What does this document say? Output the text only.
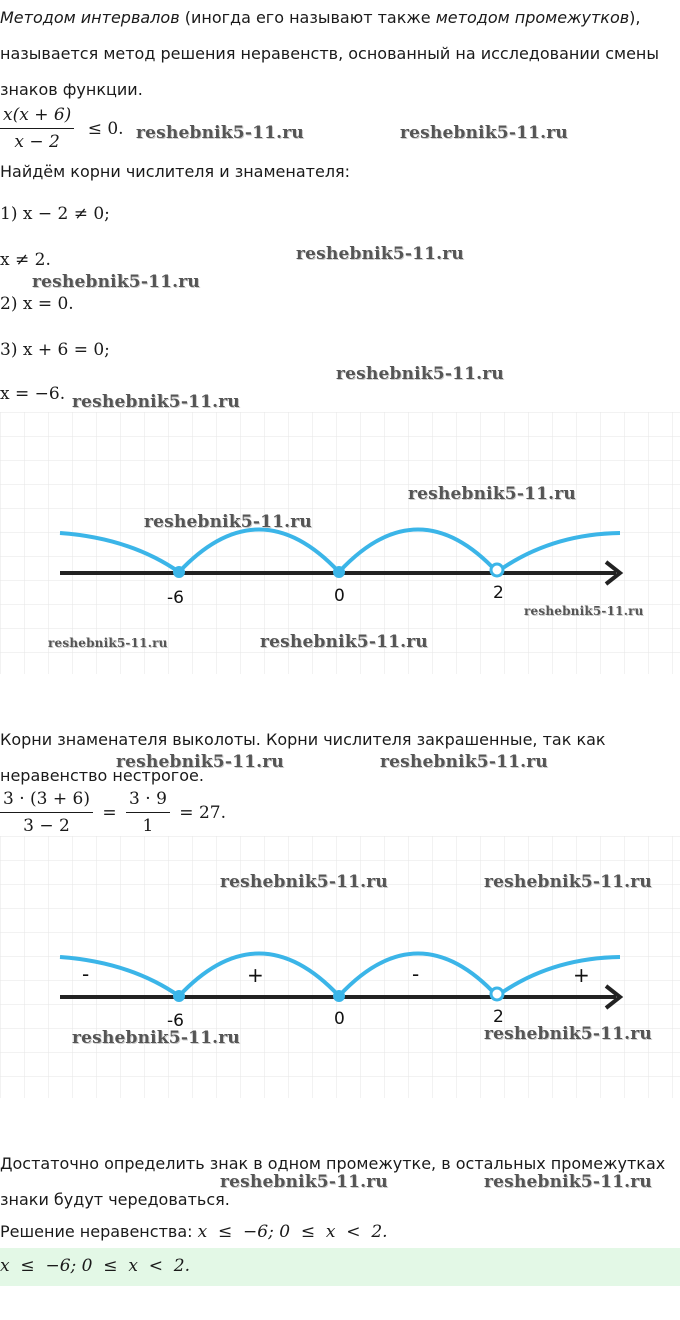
Методом интервалов (иногда его называют также методом промежутков),
называется метод решения неравенств, основанный на исследовании смены
знаков функции.
$\frac{x(x + 6)}{x - 2} \le 0$.
Найдём корни числителя и знаменателя:
1) x − 2 ≠ 0;
x ≠ 2.
2) x = 0.
3) x + 6 = 0;
x = −6.
-6	0	2
Корни знаменателя выколоты. Корни числителя закрашенные, так как
неравенство нестрогое.
$\frac{3 \cdot (3 + 6)}{3 - 2} = \frac{3 \cdot 9}{1} = 27$.
-6	0	2
-	+	-	+
Достаточно определить знак в одном промежутке, в остальных промежутках
знаки будут чередоваться.
Решение неравенства: x  ≤  −6; 0  ≤  x  <  2.
x  ≤  −6; 0  ≤  x  <  2.
reshebnik5-11.ru	reshebnik5-11.ru
reshebnik5-11.ru
reshebnik5-11.ru
reshebnik5-11.ru
reshebnik5-11.ru
reshebnik5-11.ru
reshebnik5-11.ru
reshebnik5-11.ru
reshebnik5-11.ru	reshebnik5-11.ru
reshebnik5-11.ru	reshebnik5-11.ru
reshebnik5-11.ru	reshebnik5-11.ru
reshebnik5-11.ru	reshebnik5-11.ru
reshebnik5-11.ru	reshebnik5-11.ru
